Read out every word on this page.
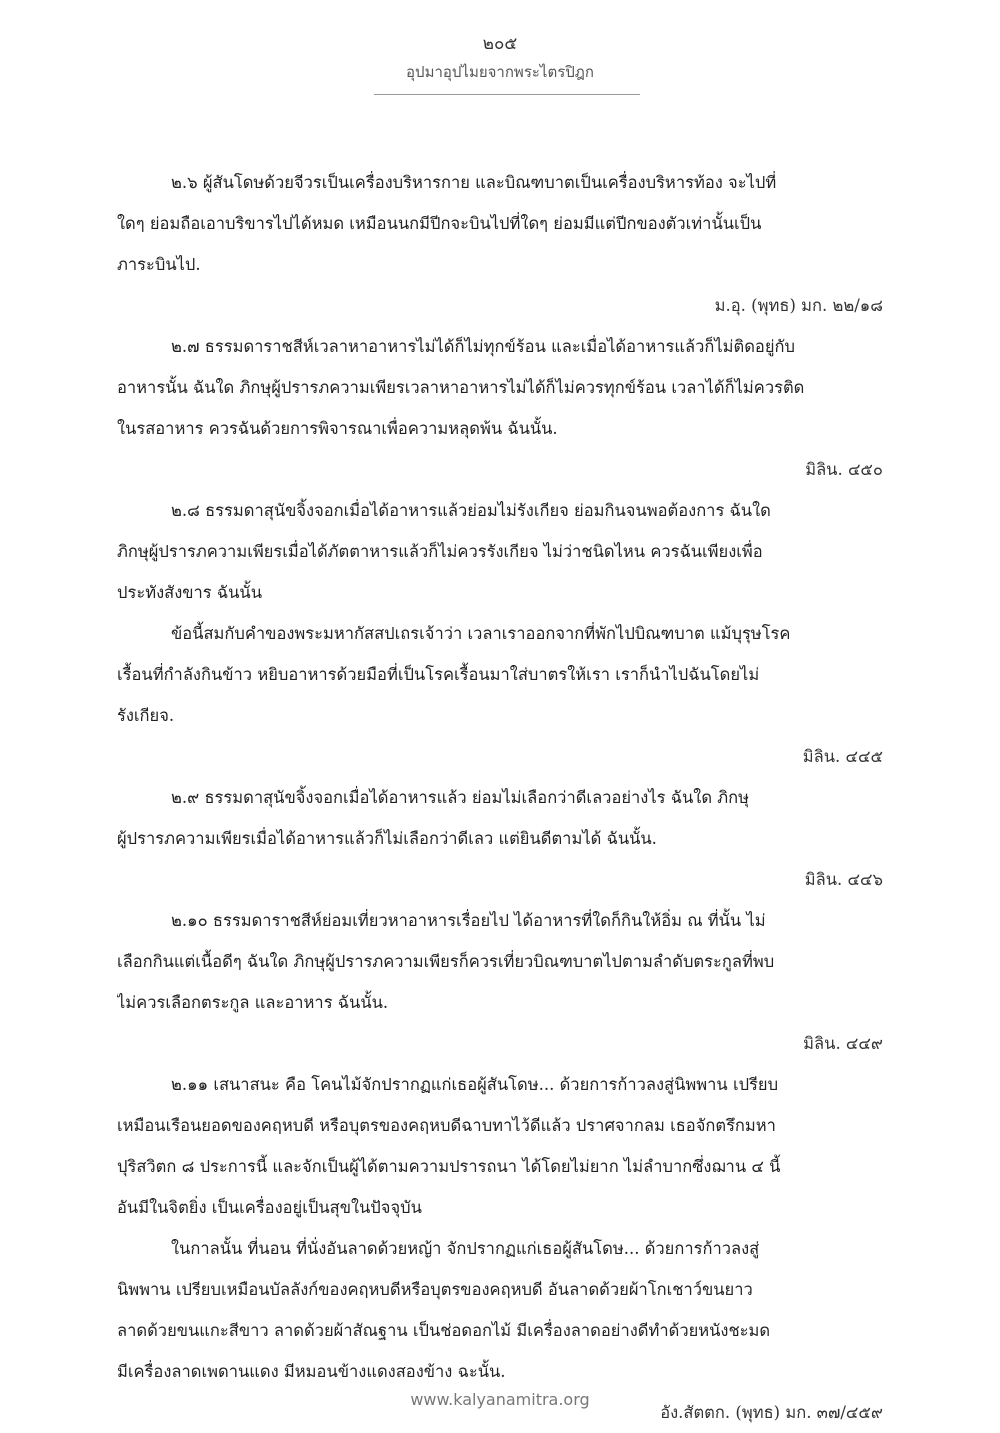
๒๐๕
อุปมาอุปไมยจากพระไตรปิฎก

๒.๖ ผู้สันโดษด้วยจีวรเป็นเครื่องบริหารกาย และบิณฑบาตเป็นเครื่องบริหารท้อง จะไปที่
ใดๆ ย่อมถือเอาบริขารไปได้หมด เหมือนนกมีปีกจะบินไปที่ใดๆ ย่อมมีแต่ปีกของตัวเท่านั้นเป็น
ภาระบินไป.

ม.อุ. (พุทธ) มก. ๒๒/๑๘

๒.๗ ธรรมดาราชสีห์เวลาหาอาหารไม่ได้ก็ไม่ทุกข์ร้อน และเมื่อได้อาหารแล้วก็ไม่ติดอยู่กับ
อาหารนั้น ฉันใด ภิกษุผู้ปรารภความเพียรเวลาหาอาหารไม่ได้ก็ไม่ควรทุกข์ร้อน เวลาได้ก็ไม่ควรติด
ในรสอาหาร ควรฉันด้วยการพิจารณาเพื่อความหลุดพ้น ฉันนั้น.

มิลิน. ๔๕๐

๒.๘ ธรรมดาสุนัขจิ้งจอกเมื่อได้อาหารแล้วย่อมไม่รังเกียจ ย่อมกินจนพอต้องการ ฉันใด
ภิกษุผู้ปรารภความเพียรเมื่อได้ภัตตาหารแล้วก็ไม่ควรรังเกียจ ไม่ว่าชนิดไหน ควรฉันเพียงเพื่อ
ประทังสังขาร ฉันนั้น

ข้อนี้สมกับคำของพระมหากัสสปเถรเจ้าว่า เวลาเราออกจากที่พักไปบิณฑบาต แม้บุรุษโรค
เรื้อนที่กำลังกินข้าว หยิบอาหารด้วยมือที่เป็นโรคเรื้อนมาใส่บาตรให้เรา เราก็นำไปฉันโดยไม่
รังเกียจ.

มิลิน. ๔๔๕

๒.๙ ธรรมดาสุนัขจิ้งจอกเมื่อได้อาหารแล้ว ย่อมไม่เลือกว่าดีเลวอย่างไร ฉันใด ภิกษุ
ผู้ปรารภความเพียรเมื่อได้อาหารแล้วก็ไม่เลือกว่าดีเลว แต่ยินดีตามได้ ฉันนั้น.

มิลิน. ๔๔๖

๒.๑๐ ธรรมดาราชสีห์ย่อมเที่ยวหาอาหารเรื่อยไป ได้อาหารที่ใดก็กินให้อิ่ม ณ ที่นั้น ไม่
เลือกกินแต่เนื้อดีๆ ฉันใด ภิกษุผู้ปรารภความเพียรก็ควรเที่ยวบิณฑบาตไปตามลำดับตระกูลที่พบ
ไม่ควรเลือกตระกูล และอาหาร ฉันนั้น.

มิลิน. ๔๔๙

๒.๑๑ เสนาสนะ คือ โคนไม้จักปรากฏแก่เธอผู้สันโดษ... ด้วยการก้าวลงสู่นิพพาน เปรียบ
เหมือนเรือนยอดของคฤหบดี หรือบุตรของคฤหบดีฉาบทาไว้ดีแล้ว ปราศจากลม เธอจักตรึกมหา
ปุริสวิตก ๘ ประการนี้ และจักเป็นผู้ได้ตามความปรารถนา ได้โดยไม่ยาก ไม่ลำบากซึ่งฌาน ๔ นี้
อันมีในจิตยิ่ง เป็นเครื่องอยู่เป็นสุขในปัจจุบัน

ในกาลนั้น ที่นอน ที่นั่งอันลาดด้วยหญ้า จักปรากฏแก่เธอผู้สันโดษ... ด้วยการก้าวลงสู่
นิพพาน เปรียบเหมือนบัลลังก์ของคฤหบดีหรือบุตรของคฤหบดี อันลาดด้วยผ้าโกเชาว์ขนยาว
ลาดด้วยขนแกะสีขาว ลาดด้วยผ้าสัณฐาน เป็นช่อดอกไม้ มีเครื่องลาดอย่างดีทำด้วยหนังชะมด
มีเครื่องลาดเพดานแดง มีหมอนข้างแดงสองข้าง ฉะนั้น.

อัง.สัตตก. (พุทธ) มก. ๓๗/๔๕๙

www.kalyanamitra.org
